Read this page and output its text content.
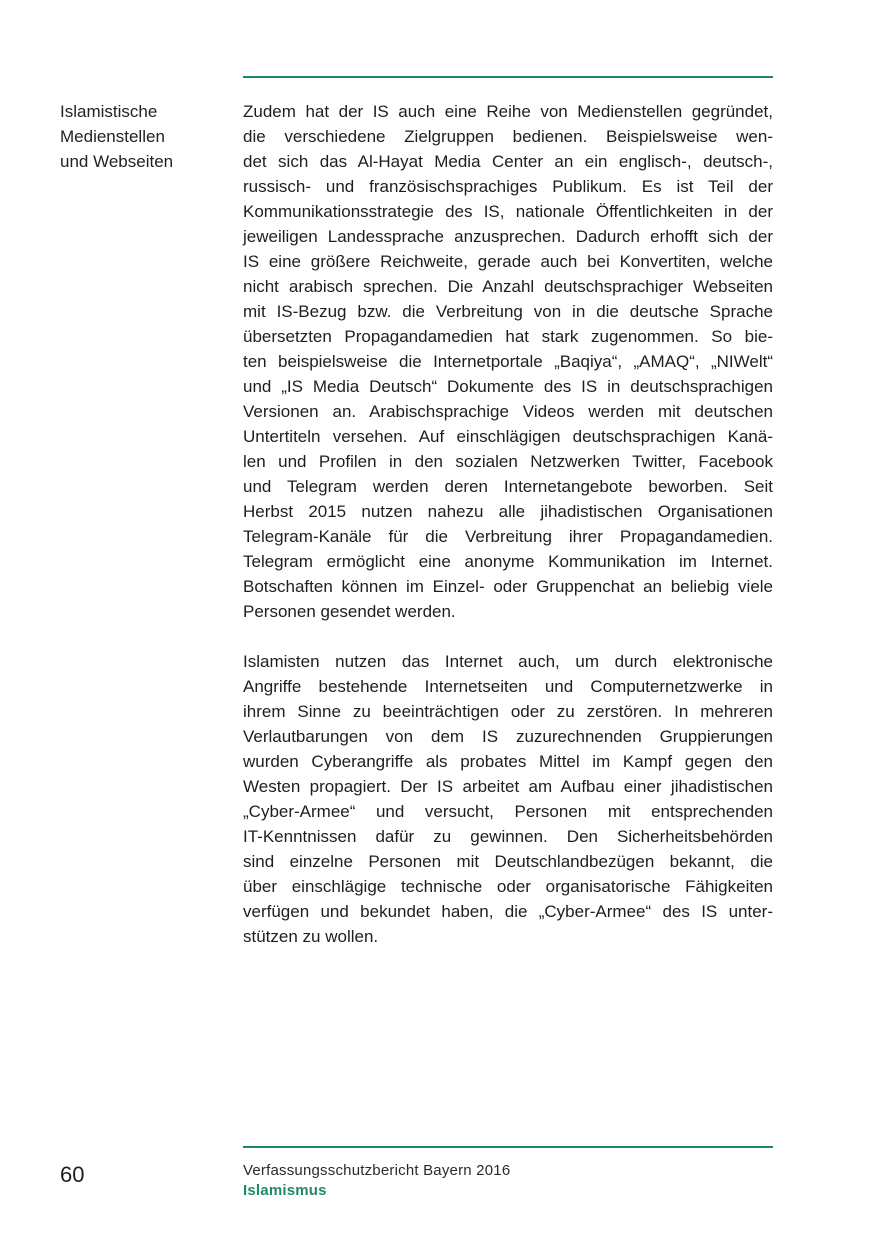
Islamistische
Medienstellen
und Webseiten
Zudem hat der IS auch eine Reihe von Medienstellen gegründet,
die verschiedene Zielgruppen bedienen. Beispielsweise wen-
det sich das Al-Hayat Media Center an ein englisch-, deutsch-,
russisch- und französischsprachiges Publikum. Es ist Teil der
Kommunikationsstrategie des IS, nationale Öffentlichkeiten in der
jeweiligen Landessprache anzusprechen. Dadurch erhofft sich der
IS eine größere Reichweite, gerade auch bei Konvertiten, welche
nicht arabisch sprechen. Die Anzahl deutschsprachiger Webseiten
mit IS-Bezug bzw. die Verbreitung von in die deutsche Sprache
übersetzten Propagandamedien hat stark zugenommen. So bie-
ten beispielsweise die Internetportale „Baqiya“, „AMAQ“, „NIWelt“
und „IS Media Deutsch“ Dokumente des IS in deutschsprachigen
Versionen an. Arabischsprachige Videos werden mit deutschen
Untertiteln versehen. Auf einschlägigen deutschsprachigen Kanä-
len und Profilen in den sozialen Netzwerken Twitter, Facebook
und Telegram werden deren Internetangebote beworben. Seit
Herbst 2015 nutzen nahezu alle jihadistischen Organisationen
Telegram-Kanäle für die Verbreitung ihrer Propagandamedien.
Telegram ermöglicht eine anonyme Kommunikation im Internet.
Botschaften können im Einzel- oder Gruppenchat an beliebig viele
Personen gesendet werden.
Islamisten nutzen das Internet auch, um durch elektronische
Angriffe bestehende Internetseiten und Computernetzwerke in
ihrem Sinne zu beeinträchtigen oder zu zerstören. In mehreren
Verlautbarungen von dem IS zuzurechnenden Gruppierungen
wurden Cyberangriffe als probates Mittel im Kampf gegen den
Westen propagiert. Der IS arbeitet am Aufbau einer jihadistischen
„Cyber-Armee“ und versucht, Personen mit entsprechenden
IT-Kenntnissen dafür zu gewinnen. Den Sicherheitsbehörden
sind einzelne Personen mit Deutschlandbezügen bekannt, die
über einschlägige technische oder organisatorische Fähigkeiten
verfügen und bekundet haben, die „Cyber-Armee“ des IS unter-
stützen zu wollen.
60	Verfassungsschutzbericht Bayern 2016
Islamismus
